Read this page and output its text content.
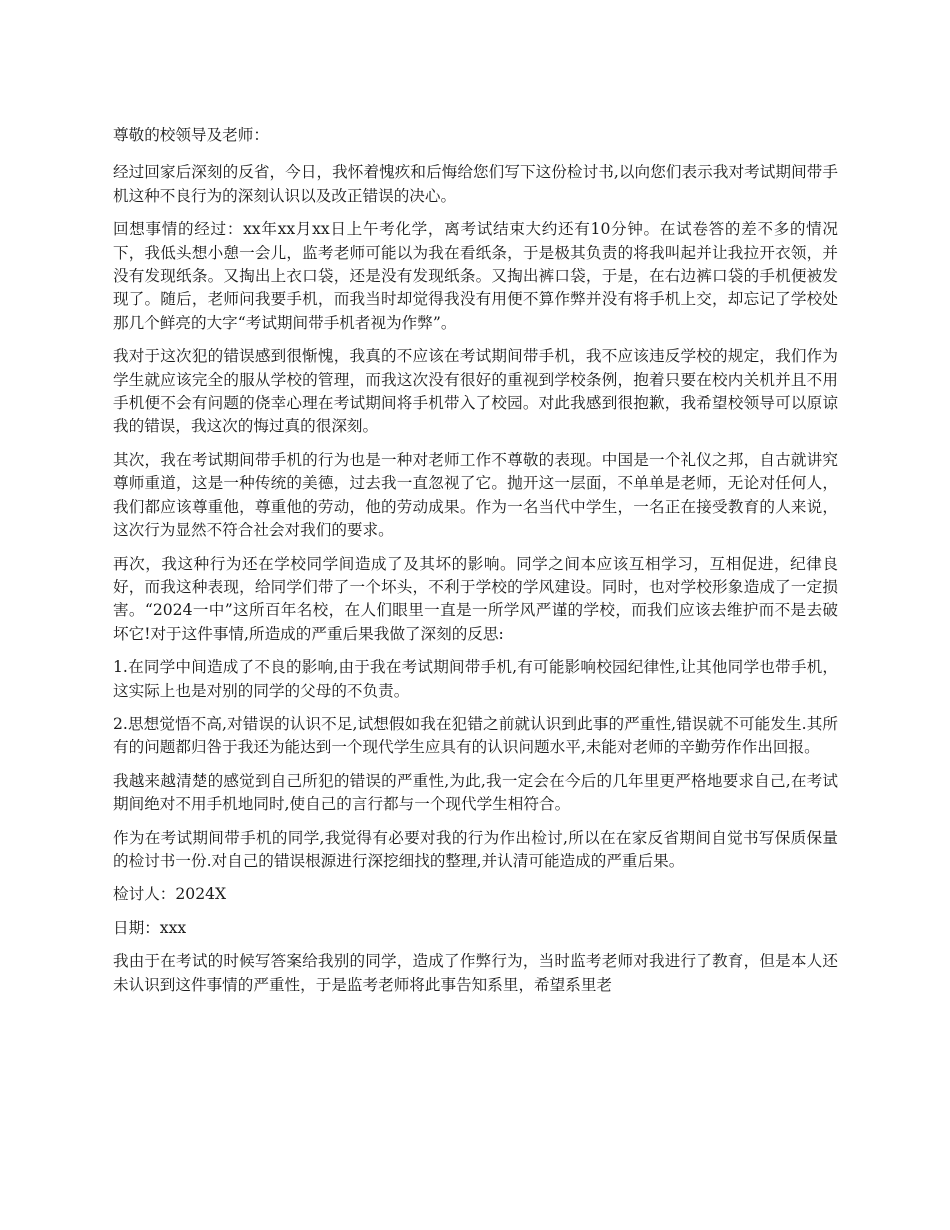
尊敬的校领导及老师：

经过回家后深刻的反省，今日，我怀着愧疚和后悔给您们写下这份检讨书,以向您们表示我对考试期间带手机这种不良行为的深刻认识以及改正错误的决心。

回想事情的经过：xx年xx月xx日上午考化学，离考试结束大约还有10分钟。在试卷答的差不多的情况下，我低头想小憩一会儿，监考老师可能以为我在看纸条，于是极其负责的将我叫起并让我拉开衣领，并没有发现纸条。又掏出上衣口袋，还是没有发现纸条。又掏出裤口袋，于是，在右边裤口袋的手机便被发现了。随后，老师问我要手机，而我当时却觉得我没有用便不算作弊并没有将手机上交，却忘记了学校处那几个鲜亮的大字“考试期间带手机者视为作弊”。

我对于这次犯的错误感到很惭愧，我真的不应该在考试期间带手机，我不应该违反学校的规定，我们作为学生就应该完全的服从学校的管理，而我这次没有很好的重视到学校条例，抱着只要在校内关机并且不用手机便不会有问题的侥幸心理在考试期间将手机带入了校园。对此我感到很抱歉，我希望校领导可以原谅我的错误，我这次的悔过真的很深刻。

其次，我在考试期间带手机的行为也是一种对老师工作不尊敬的表现。中国是一个礼仪之邦，自古就讲究尊师重道，这是一种传统的美德，过去我一直忽视了它。抛开这一层面，不单单是老师，无论对任何人，我们都应该尊重他，尊重他的劳动，他的劳动成果。作为一名当代中学生，一名正在接受教育的人来说，这次行为显然不符合社会对我们的要求。

再次，我这种行为还在学校同学间造成了及其坏的影响。同学之间本应该互相学习，互相促进，纪律良好，而我这种表现，给同学们带了一个坏头，不利于学校的学风建设。同时，也对学校形象造成了一定损害。“2024一中”这所百年名校，在人们眼里一直是一所学风严谨的学校，而我们应该去维护而不是去破坏它!对于这件事情,所造成的严重后果我做了深刻的反思:

1.在同学中间造成了不良的影响,由于我在考试期间带手机,有可能影响校园纪律性,让其他同学也带手机，这实际上也是对别的同学的父母的不负责。

2.思想觉悟不高,对错误的认识不足,试想假如我在犯错之前就认识到此事的严重性,错误就不可能发生.其所有的问题都归咎于我还为能达到一个现代学生应具有的认识问题水平,未能对老师的辛勤劳作作出回报。

我越来越清楚的感觉到自己所犯的错误的严重性,为此,我一定会在今后的几年里更严格地要求自己,在考试期间绝对不用手机地同时,使自己的言行都与一个现代学生相符合。

作为在考试期间带手机的同学,我觉得有必要对我的行为作出检讨,所以在在家反省期间自觉书写保质保量的检讨书一份.对自己的错误根源进行深挖细找的整理,并认清可能造成的严重后果。

检讨人：2024X

日期：xxx

我由于在考试的时候写答案给我别的同学，造成了作弊行为，当时监考老师对我进行了教育，但是本人还未认识到这件事情的严重性，于是监考老师将此事告知系里，希望系里老
